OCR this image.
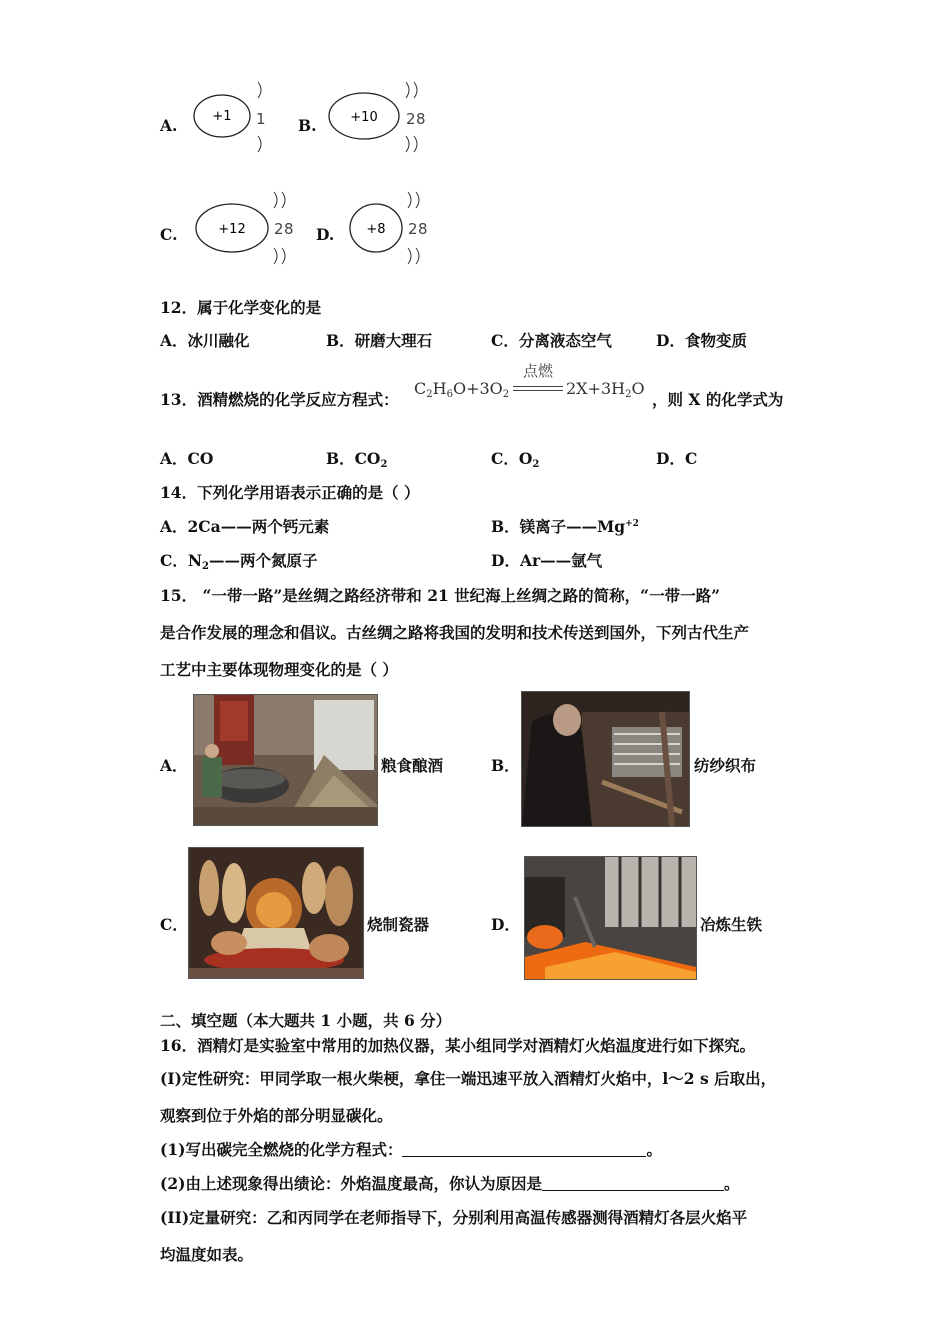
A.	+1 1 B.	+10 2 8
C.	+12 2 8 D. +8 2 8
12．属于化学变化的是
A．冰川融化	B．研磨大理石	C．分离液态空气	D．食物变质
13．酒精燃烧的化学反应方程式：
$C_2H_6O+3O_2$
点燃
$2X+3H_2O$
，则 X 的化学式为
A．CO	B．$CO_2$	C．$O_2$	D．C
14．下列化学用语表示正确的是（ ）
A．2Ca——两个钙元素	B．镁离子$——Mg^{+2}$
C．$N_2——$两个氮原子	D．Ar——氩气
15． “一带一路”是丝绸之路经济带和 21 世纪海上丝绸之路的简称，“一带一路”
是合作发展的理念和倡议。古丝绸之路将我国的发明和技术传送到国外，下列古代生产
工艺中主要体现物理变化的是（ ）
A．	粮食酿酒	B．	纺纱织布
C．	烧制瓷器	D．	冶炼生铁
二、填空题（本大题共 1 小题，共 6 分）
16．酒精灯是实验室中常用的加热仪器，某小组同学对酒精灯火焰温度进行如下探究。
(I)定性研究：甲同学取一根火柴梗，拿住一端迅速平放入酒精灯火焰中，l～2 s 后取出，
观察到位于外焰的部分明显碳化。
(1)写出碳完全燃烧的化学方程式：	。
(2)由上述现象得出绩论：外焰温度最高，你认为原因是	。
(II)定量研究：乙和丙同学在老师指导下，分别利用高温传感器测得酒精灯各层火焰平
均温度如表。
